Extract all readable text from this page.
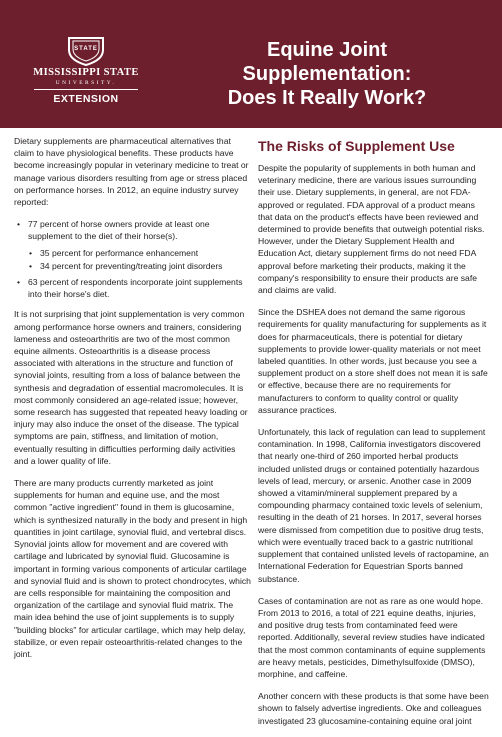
STATE
MISSISSIPPI STATE
UNIVERSITY.
EXTENSION
Equine Joint
Supplementation:
Does It Really Work?

Dietary supplements are pharmaceutical alternatives that claim to have physiological benefits. These products have become increasingly popular in veterinary medicine to treat or manage various disorders resulting from age or stress placed on performance horses. In 2012, an equine industry survey reported:

• 77 percent of horse owners provide at least one supplement to the diet of their horse(s).
• 35 percent for performance enhancement
• 34 percent for preventing/treating joint disorders
• 63 percent of respondents incorporate joint supplements into their horse's diet.

It is not surprising that joint supplementation is very common among performance horse owners and trainers, considering lameness and osteoarthritis are two of the most common equine ailments. Osteoarthritis is a disease process associated with alterations in the structure and function of synovial joints, resulting from a loss of balance between the synthesis and degradation of essential macromolecules. It is most commonly considered an age-related issue; however, some research has suggested that repeated heavy loading or injury may also induce the onset of the disease. The typical symptoms are pain, stiffness, and limitation of motion, eventually resulting in difficulties performing daily activities and a lower quality of life.

There are many products currently marketed as joint supplements for human and equine use, and the most common "active ingredient" found in them is glucosamine, which is synthesized naturally in the body and present in high quantities in joint cartilage, synovial fluid, and vertebral discs. Synovial joints allow for movement and are covered with cartilage and lubricated by synovial fluid. Glucosamine is important in forming various components of articular cartilage and synovial fluid and is shown to protect chondrocytes, which are cells responsible for maintaining the composition and organization of the cartilage and synovial fluid matrix. The main idea behind the use of joint supplements is to supply "building blocks" for articular cartilage, which may help delay, stabilize, or even repair osteoarthritis-related changes to the joint.

The Risks of Supplement Use

Despite the popularity of supplements in both human and veterinary medicine, there are various issues surrounding their use. Dietary supplements, in general, are not FDA-approved or regulated. FDA approval of a product means that data on the product's effects have been reviewed and determined to provide benefits that outweigh potential risks. However, under the Dietary Supplement Health and Education Act, dietary supplement firms do not need FDA approval before marketing their products, making it the company's responsibility to ensure their products are safe and claims are valid.

Since the DSHEA does not demand the same rigorous requirements for quality manufacturing for supplements as it does for pharmaceuticals, there is potential for dietary supplements to provide lower-quality materials or not meet labeled quantities. In other words, just because you see a supplement product on a store shelf does not mean it is safe or effective, because there are no requirements for manufacturers to conform to quality control or quality assurance practices.

Unfortunately, this lack of regulation can lead to supplement contamination. In 1998, California investigators discovered that nearly one-third of 260 imported herbal products included unlisted drugs or contained potentially hazardous levels of lead, mercury, or arsenic. Another case in 2009 showed a vitamin/mineral supplement prepared by a compounding pharmacy contained toxic levels of selenium, resulting in the death of 21 horses. In 2017, several horses were dismissed from competition due to positive drug tests, which were eventually traced back to a gastric nutritional supplement that contained unlisted levels of ractopamine, an International Federation for Equestrian Sports banned substance.

Cases of contamination are not as rare as one would hope. From 2013 to 2016, a total of 221 equine deaths, injuries, and positive drug tests from contaminated feed were reported. Additionally, several review studies have indicated that the most common contaminants of equine supplements are heavy metals, pesticides, Dimethylsulfoxide (DMSO), morphine, and caffeine.

Another concern with these products is that some have been shown to falsely advertise ingredients. Oke and colleagues investigated 23 glucosamine-containing equine oral joint
